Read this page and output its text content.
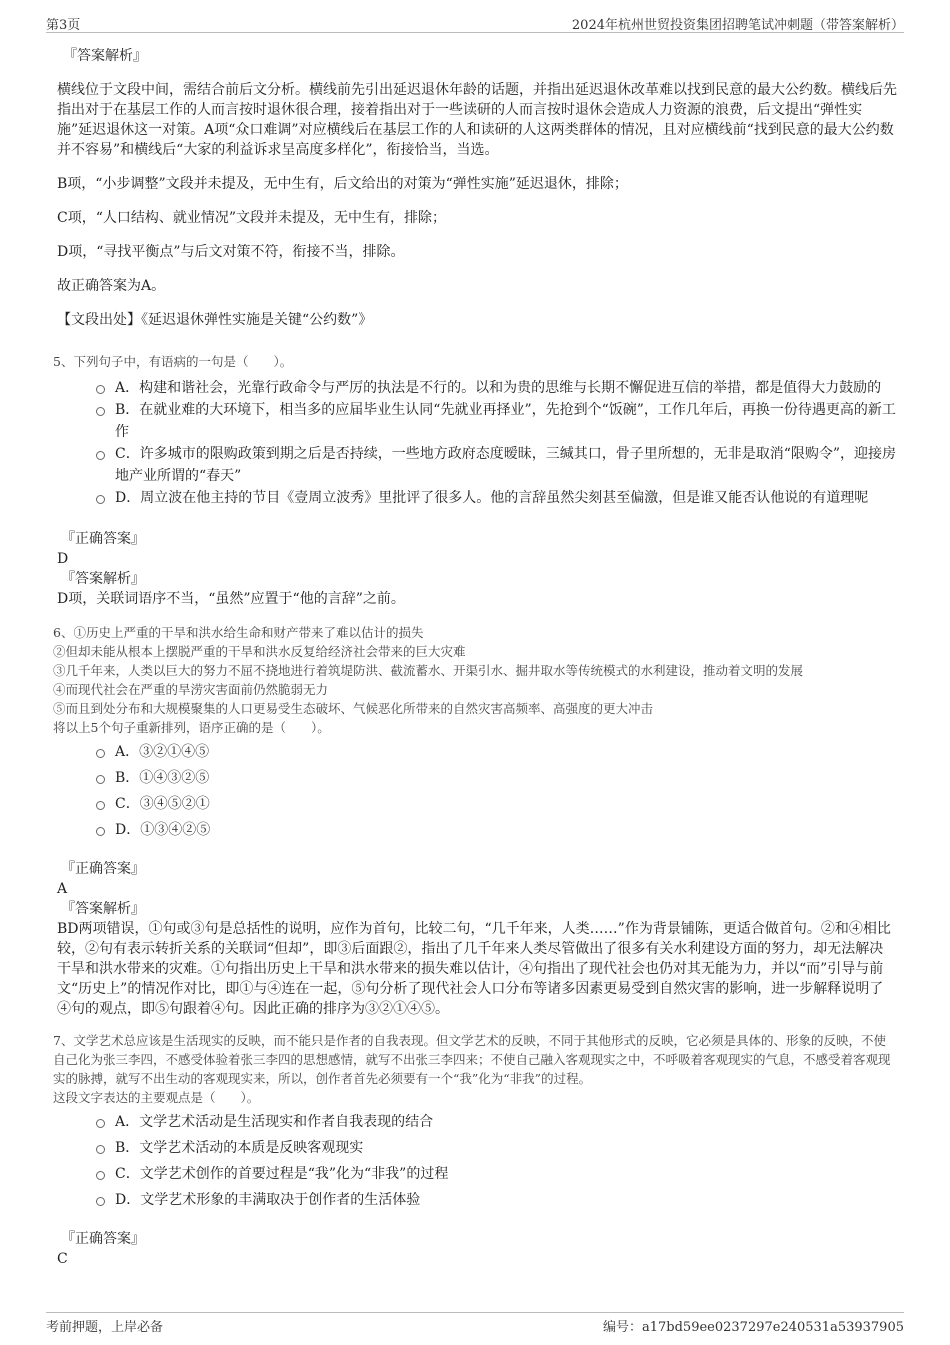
第3页	2024年杭州世贸投资集团招聘笔试冲刺题（带答案解析）

『答案解析』

横线位于文段中间，需结合前后文分析。横线前先引出延迟退休年龄的话题，并指出延迟退休改革难以找到民意的最大公约数。横线后先指出对于在基层工作的人而言按时退休很合理，接着指出对于一些读研的人而言按时退休会造成人力资源的浪费，后文提出“弹性实施”延迟退休这一对策。A项“众口难调”对应横线后在基层工作的人和读研的人这两类群体的情况，且对应横线前“找到民意的最大公约数并不容易”和横线后“大家的利益诉求呈高度多样化”，衔接恰当，当选。

B项，“小步调整”文段并未提及，无中生有，后文给出的对策为“弹性实施”延迟退休，排除；

C项，“人口结构、就业情况”文段并未提及，无中生有，排除；

D项，“寻找平衡点”与后文对策不符，衔接不当，排除。

故正确答案为A。

【文段出处】《延迟退休弹性实施是关键“公约数”》

5、下列句子中，有语病的一句是（　　）。

A．构建和谐社会，光靠行政命令与严厉的执法是不行的。以和为贵的思维与长期不懈促进互信的举措，都是值得大力鼓励的

B．在就业难的大环境下，相当多的应届毕业生认同“先就业再择业”，先抢到个“饭碗”，工作几年后，再换一份待遇更高的新工作

C．许多城市的限购政策到期之后是否持续，一些地方政府态度暧昧，三缄其口，骨子里所想的，无非是取消“限购令”，迎接房地产业所谓的“春天”

D．周立波在他主持的节目《壹周立波秀》里批评了很多人。他的言辞虽然尖刻甚至偏激，但是谁又能否认他说的有道理呢

『正确答案』

D

『答案解析』

D项，关联词语序不当，“虽然”应置于“他的言辞”之前。

6、①历史上严重的干旱和洪水给生命和财产带来了难以估计的损失

②但却未能从根本上摆脱严重的干旱和洪水反复给经济社会带来的巨大灾难

③几千年来，人类以巨大的努力不屈不挠地进行着筑堤防洪、截流蓄水、开渠引水、掘井取水等传统模式的水利建设，推动着文明的发展

④而现代社会在严重的旱涝灾害面前仍然脆弱无力

⑤而且到处分布和大规模聚集的人口更易受生态破坏、气候恶化所带来的自然灾害高频率、高强度的更大冲击

将以上5个句子重新排列，语序正确的是（　　）。

A．③②①④⑤

B．①④③②⑤

C．③④⑤②①

D．①③④②⑤

『正确答案』

A

『答案解析』

BD两项错误，①句或③句是总括性的说明，应作为首句，比较二句，“几千年来，人类……”作为背景铺陈，更适合做首句。②和④相比较，②句有表示转折关系的关联词“但却”，即③后面跟②，指出了几千年来人类尽管做出了很多有关水利建设方面的努力，却无法解决干旱和洪水带来的灾难。①句指出历史上干旱和洪水带来的损失难以估计，④句指出了现代社会也仍对其无能为力，并以“而”引导与前文“历史上”的情况作对比，即①与④连在一起，⑤句分析了现代社会人口分布等诸多因素更易受到自然灾害的影响，进一步解释说明了④句的观点，即⑤句跟着④句。因此正确的排序为③②①④⑤。

7、文学艺术总应该是生活现实的反映，而不能只是作者的自我表现。但文学艺术的反映，不同于其他形式的反映，它必须是具体的、形象的反映，不使自己化为张三李四，不感受体验着张三李四的思想感情，就写不出张三李四来；不使自己融入客观现实之中，不呼吸着客观现实的气息，不感受着客观现实的脉搏，就写不出生动的客观现实来，所以，创作者首先必须要有一个“我”化为“非我”的过程。

这段文字表达的主要观点是（　　）。

A．文学艺术活动是生活现实和作者自我表现的结合

B．文学艺术活动的本质是反映客观现实

C．文学艺术创作的首要过程是“我”化为“非我”的过程

D．文学艺术形象的丰满取决于创作者的生活体验

『正确答案』

C

考前押题，上岸必备	编号：a17bd59ee0237297e240531a53937905
